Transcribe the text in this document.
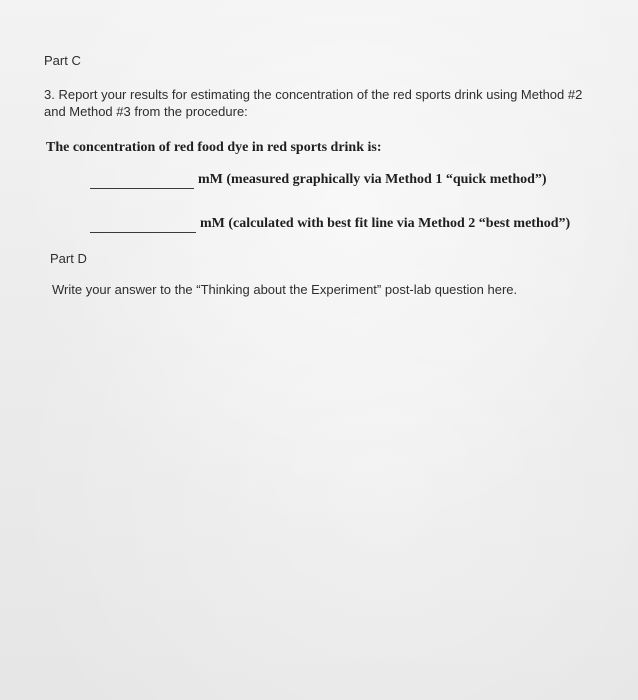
Part C
3. Report your results for estimating the concentration of the red sports drink using Method #2
and Method #3 from the procedure:
The concentration of red food dye in red sports drink is:
mM (measured graphically via Method 1 “quick method”)
mM (calculated with best fit line via Method 2 “best method”)
Part D
Write your answer to the “Thinking about the Experiment” post-lab question here.
